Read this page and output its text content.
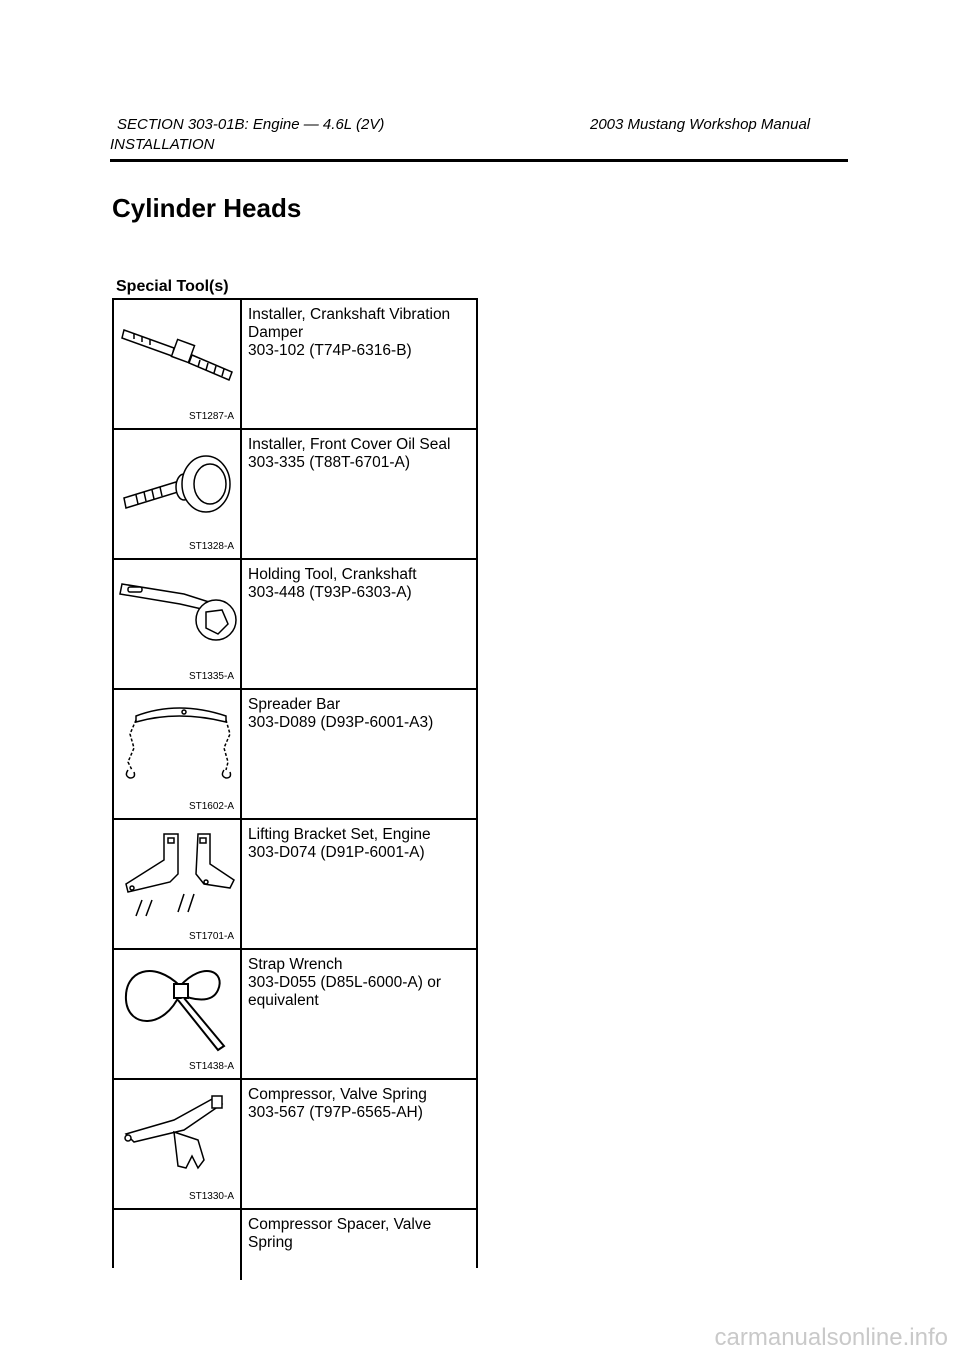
SECTION 303-01B: Engine — 4.6L (2V)	2003 Mustang Workshop Manual
INSTALLATION
Cylinder Heads
Special Tool(s)
ST1287-A
Installer, Crankshaft Vibration
Damper
303-102 (T74P-6316-B)
ST1328-A
Installer, Front Cover Oil Seal
303-335 (T88T-6701-A)
ST1335-A
Holding Tool, Crankshaft
303-448 (T93P-6303-A)
ST1602-A
Spreader Bar
303-D089 (D93P-6001-A3)
ST1701-A
Lifting Bracket Set, Engine
303-D074 (D91P-6001-A)
ST1438-A
Strap Wrench
303-D055 (D85L-6000-A) or
equivalent
ST1330-A
Compressor, Valve Spring
303-567 (T97P-6565-AH)
Compressor Spacer, Valve
Spring
carmanualsonline.info
